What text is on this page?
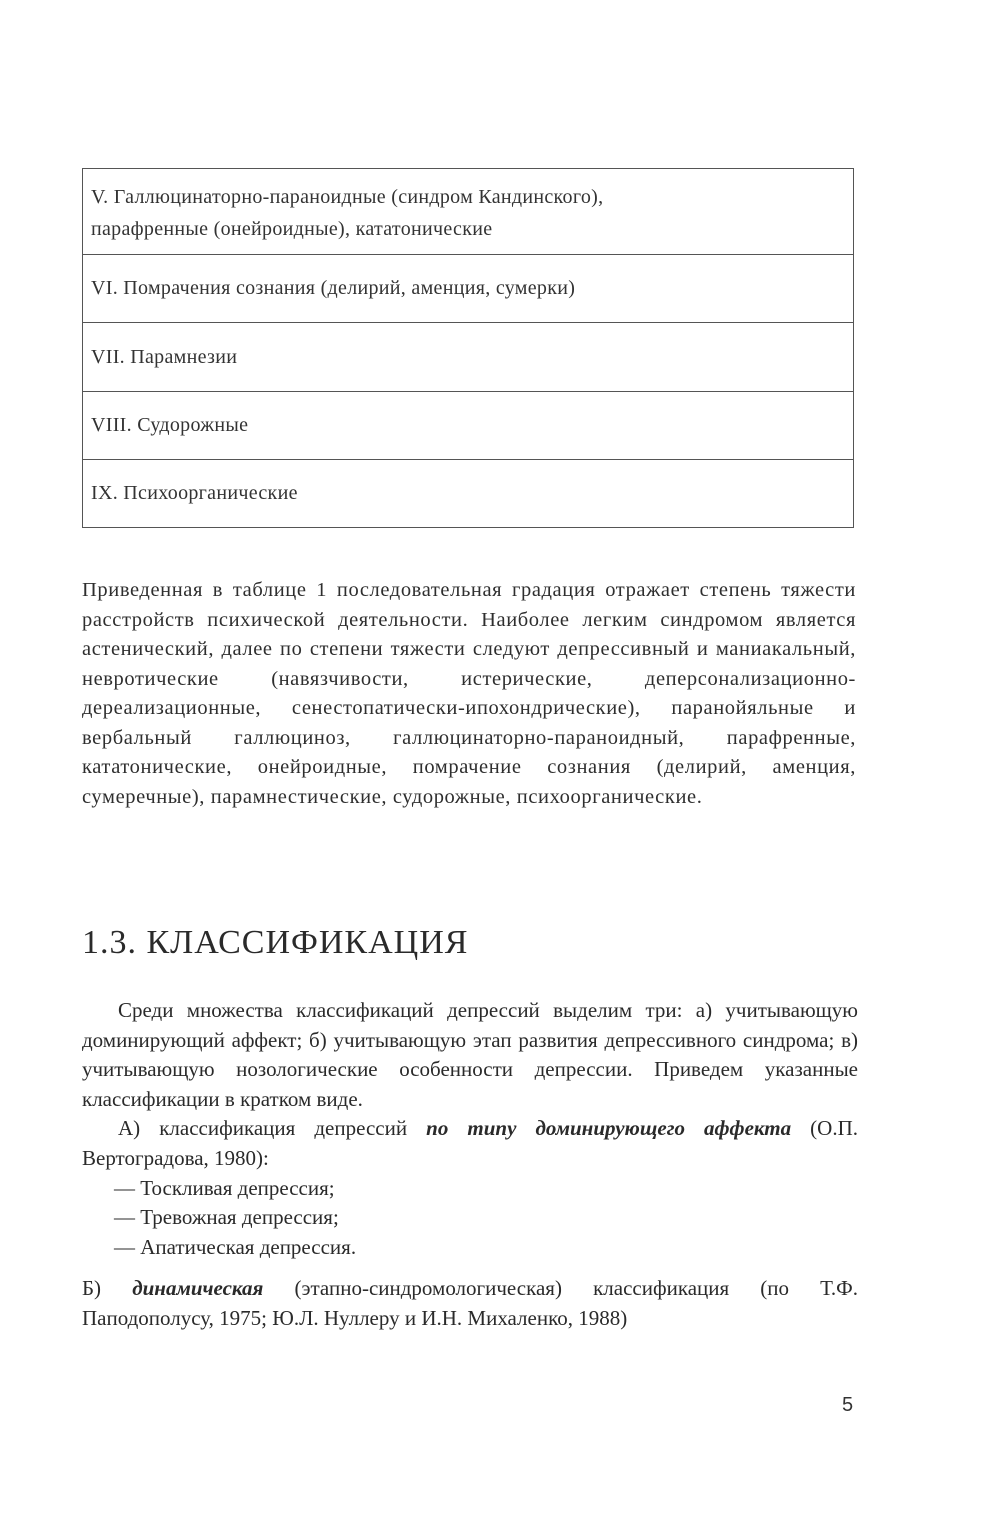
V. Галлюцинаторно-параноидные (синдром Кандинского),
парафренные (онейроидные), кататонические
VI. Помрачения сознания (делирий, аменция, сумерки)
VII. Парамнезии
VIII. Судорожные
IX. Психоорганические
Приведенная в таблице 1 последовательная градация отражает степень тяжести расстройств психической деятельности. Наиболее легким синдромом является астенический, далее по степени тяжести следуют депрессивный и маниакальный, невротические (навязчивости, истерические, деперсонализационно-дереализационные, сенестопатически-ипохондрические), паранойяльные и вербальный галлюциноз, галлюцинаторно-параноидный, парафренные, кататонические, онейроидные, помрачение сознания (делирий, аменция, сумеречные), парамнестические, судорожные, психоорганические.
1.3. КЛАССИФИКАЦИЯ

Среди множества классификаций депрессий выделим три: а) учитывающую доминирующий аффект; б) учитывающую этап развития депрессивного синдрома; в) учитывающую нозологические особенности депрессии. Приведем указанные классификации в кратком виде.

А) классификация депрессий по типу доминирующего аффекта (О.П. Вертоградова, 1980):

— Тоскливая депрессия;

— Тревожная депрессия;

— Апатическая депрессия.

Б) динамическая (этапно-синдромологическая) классификация (по Т.Ф. Пaподополусу, 1975; Ю.Л. Нуллеру и И.Н. Михаленко, 1988)

5
